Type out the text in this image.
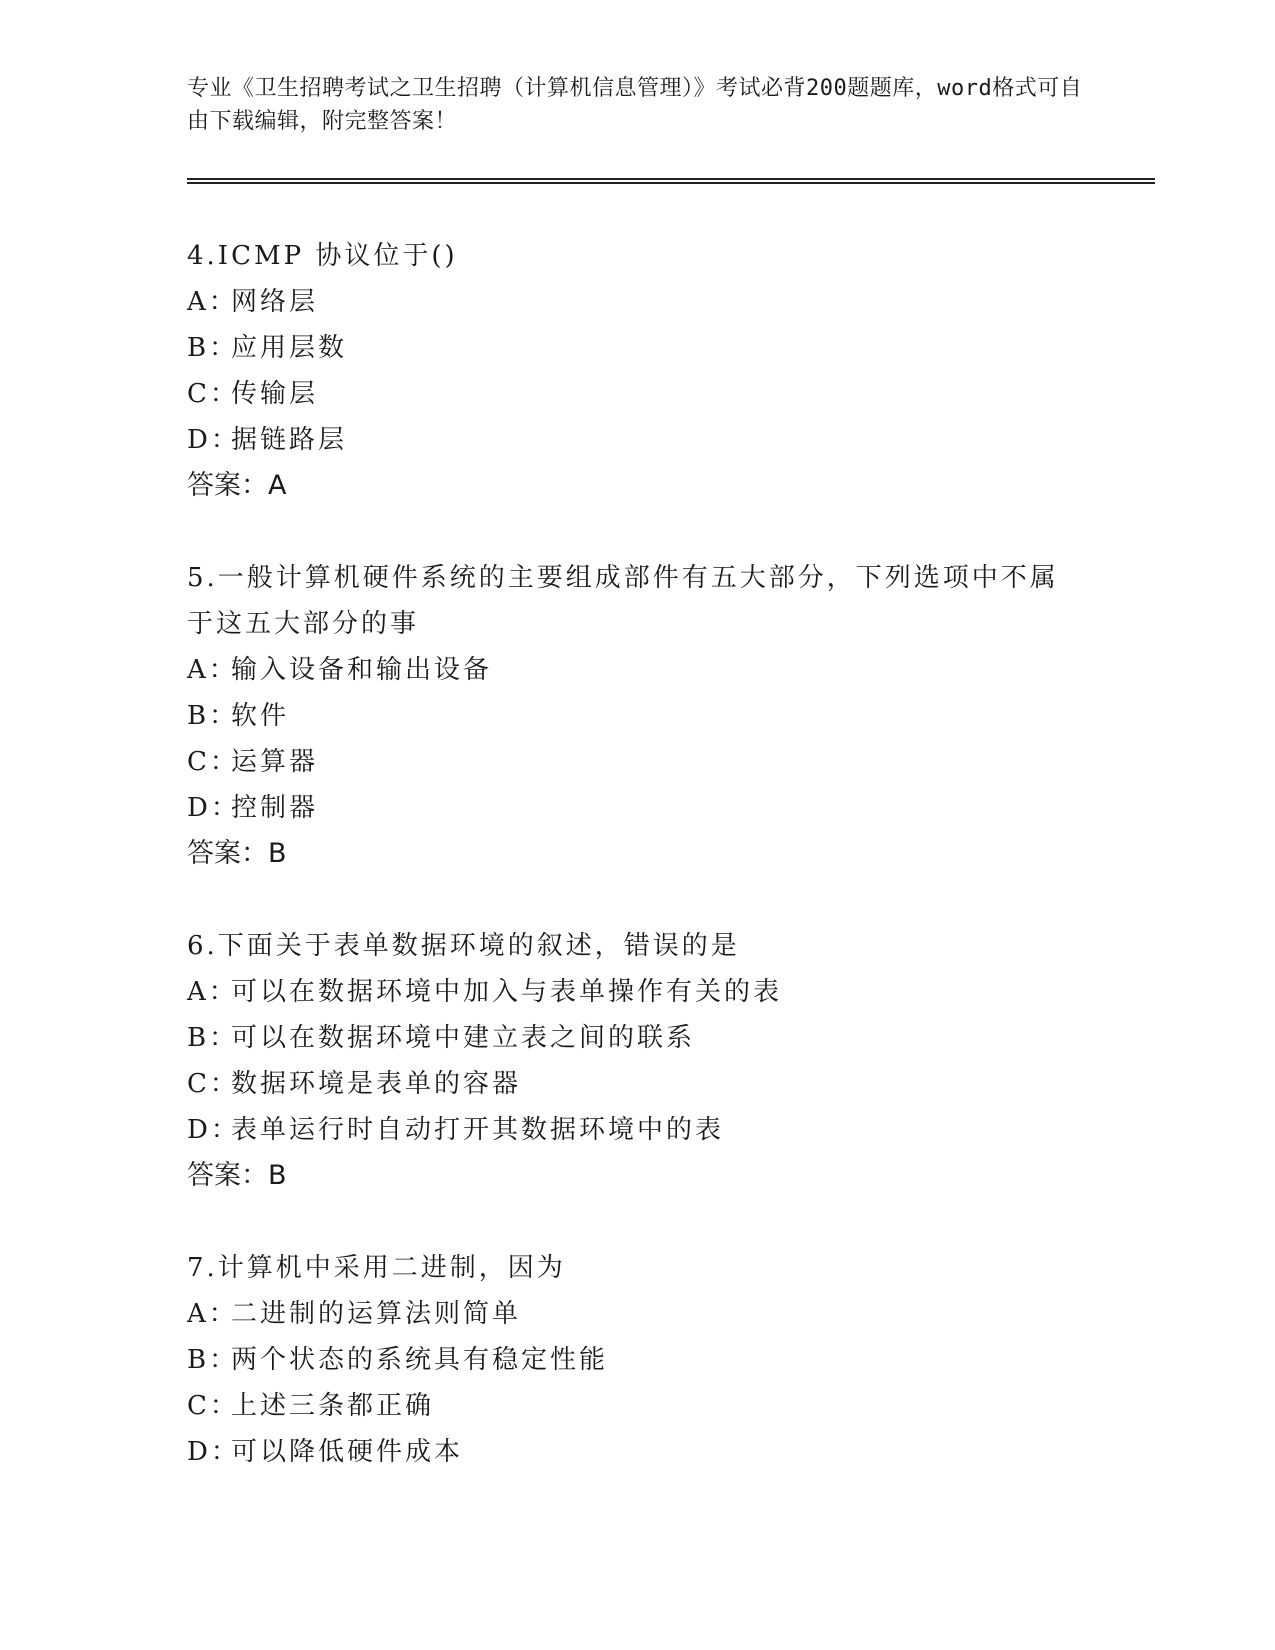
专业《卫生招聘考试之卫生招聘（计算机信息管理）》考试必背200题题库，word格式可自由下载编辑，附完整答案！

4.ICMP 协议位于()

A：网络层

B：应用层数

C：传输层

D：据链路层

答案：A

5.一般计算机硬件系统的主要组成部件有五大部分，下列选项中不属于这五大部分的事

A：输入设备和输出设备

B：软件

C：运算器

D：控制器

答案：B

6.下面关于表单数据环境的叙述，错误的是

A：可以在数据环境中加入与表单操作有关的表

B：可以在数据环境中建立表之间的联系

C：数据环境是表单的容器

D：表单运行时自动打开其数据环境中的表

答案：B

7.计算机中采用二进制，因为

A：二进制的运算法则简单

B：两个状态的系统具有稳定性能

C：上述三条都正确

D：可以降低硬件成本
